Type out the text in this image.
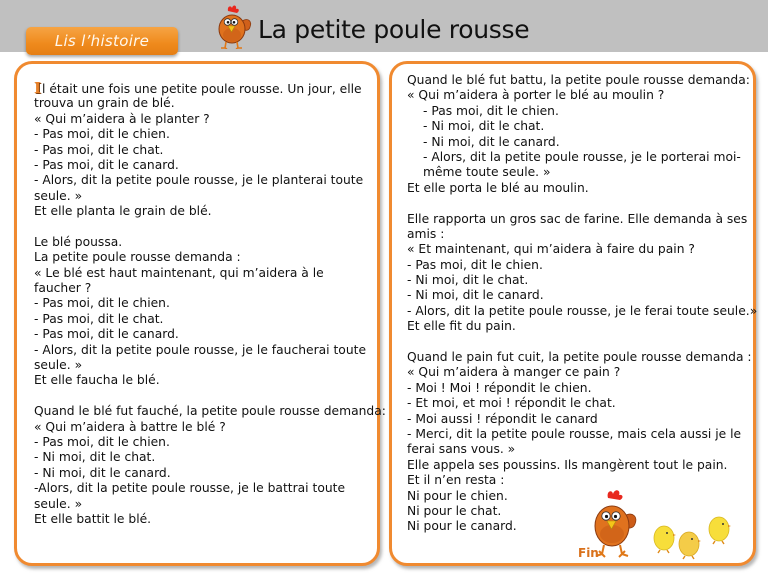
Lis l’histoire	La petite poule rousse
Il était une fois une petite poule rousse. Un jour, elle
trouva un grain de blé.
« Qui m’aidera à le planter ?
- Pas moi, dit le chien.
- Pas moi, dit le chat.
- Pas moi, dit le canard.
- Alors, dit la petite poule rousse, je le planterai toute
seule. »
Et elle planta le grain de blé.
Le blé poussa.
La petite poule rousse demanda :
« Le blé est haut maintenant, qui m’aidera à le
faucher ?
- Pas moi, dit le chien.
- Pas moi, dit le chat.
- Pas moi, dit le canard.
- Alors, dit la petite poule rousse, je le faucherai toute
seule. »
Et elle faucha le blé.
Quand le blé fut fauché, la petite poule rousse demanda:
« Qui m’aidera à battre le blé ?
- Pas moi, dit le chien.
- Ni moi, dit le chat.
- Ni moi, dit le canard.
-Alors, dit la petite poule rousse, je le battrai toute
seule. »
Et elle battit le blé.
Quand le blé fut battu, la petite poule rousse demanda:
« Qui m’aidera à porter le blé au moulin ?
- Pas moi, dit le chien.
- Ni moi, dit le chat.
- Ni moi, dit le canard.
- Alors, dit la petite poule rousse, je le porterai moi-
même toute seule. »
Et elle porta le blé au moulin.
Elle rapporta un gros sac de farine. Elle demanda à ses
amis :
« Et maintenant, qui m’aidera à faire du pain ?
- Pas moi, dit le chien.
- Ni moi, dit le chat.
- Ni moi, dit le canard.
- Alors, dit la petite poule rousse, je le ferai toute seule.»
Et elle fit du pain.
Quand le pain fut cuit, la petite poule rousse demanda :
« Qui m’aidera à manger ce pain ?
- Moi ! Moi ! répondit le chien.
- Et moi, et moi ! répondit le chat.
- Moi aussi ! répondit le canard
- Merci, dit la petite poule rousse, mais cela aussi je le
ferai sans vous. »
Elle appela ses poussins. Ils mangèrent tout le pain.
Et il n’en resta :
Ni pour le chien.
Ni pour le chat.
Ni pour le canard.
Fin
